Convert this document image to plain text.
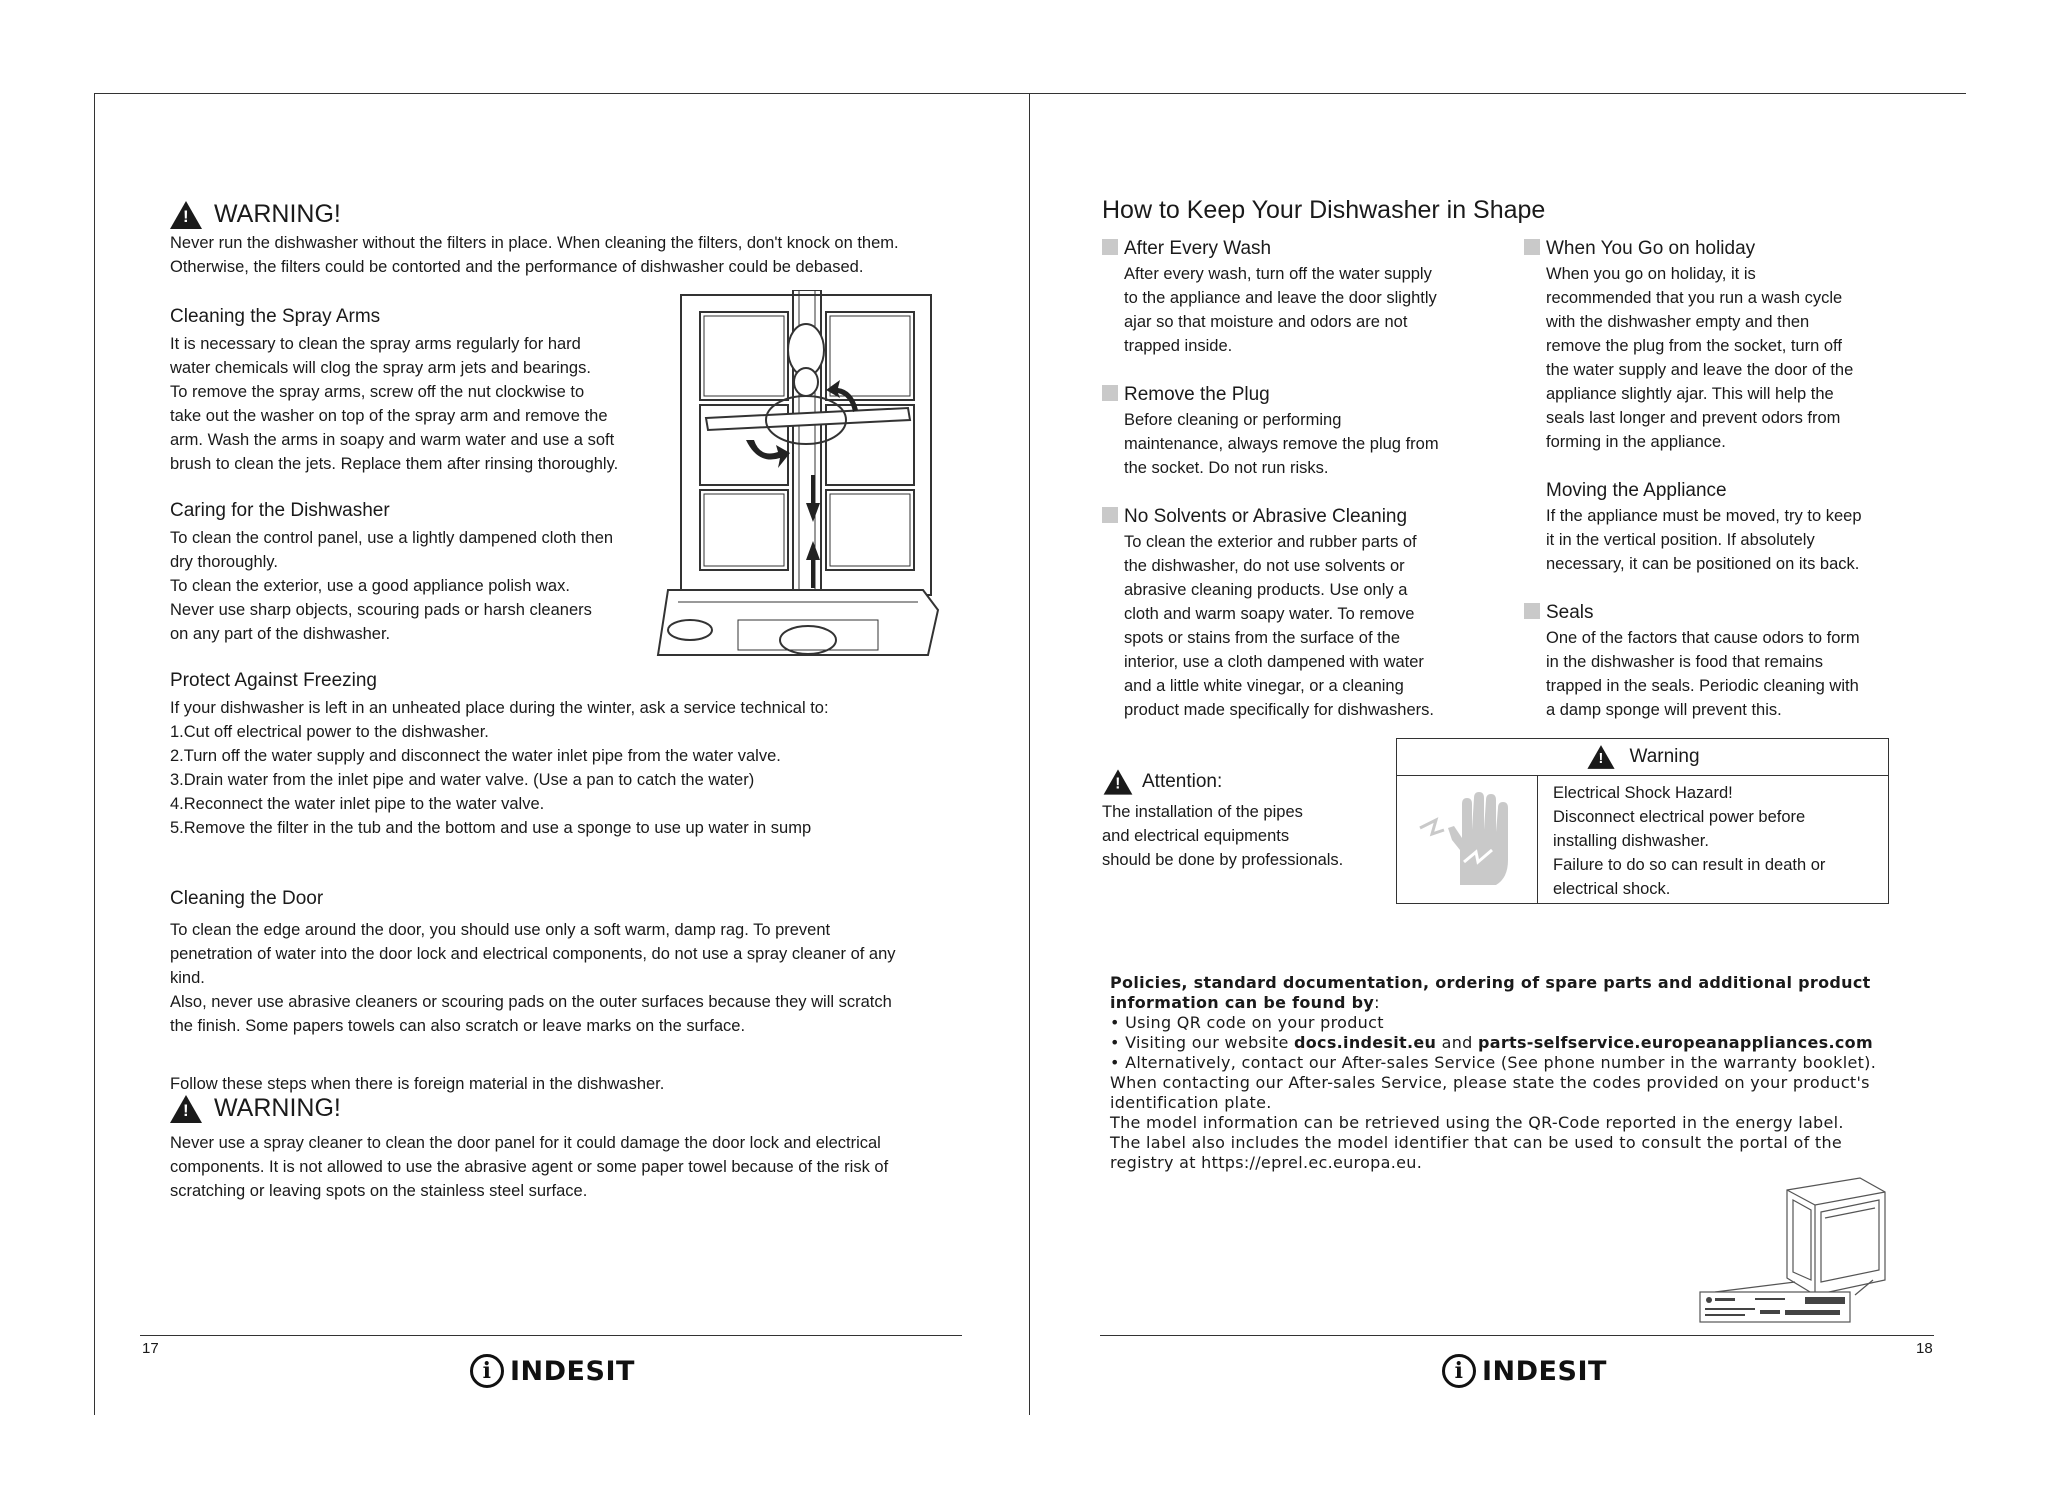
!
WARNING!

Never run the dishwasher without the filters in place. When cleaning the filters, don't knock on them.

Otherwise, the filters could be contorted and the performance of dishwasher could be debased.

Cleaning the Spray Arms

It is necessary to clean the spray arms regularly for hard

water chemicals will clog the spray arm jets and bearings.

To remove the spray arms, screw off the nut clockwise to

take out the washer on top of the spray arm and remove the

arm. Wash the arms in soapy and warm water and use a soft

brush to clean the jets. Replace them after rinsing thoroughly.

Caring for the Dishwasher

To clean the control panel, use a lightly dampened cloth then

dry thoroughly.

To clean the exterior, use a good appliance polish wax.

Never use sharp objects, scouring pads or harsh cleaners

on any part of the dishwasher.

Protect Against Freezing

If your dishwasher is left in an unheated place during the winter, ask a service technical to:

1.Cut off electrical power to the dishwasher.

2.Turn off the water supply and disconnect the water inlet pipe from the water valve.

3.Drain water from the inlet pipe and water valve. (Use a pan to catch the water)

4.Reconnect the water inlet pipe to the water valve.

5.Remove the filter in the tub and the bottom and use a sponge to use up water in sump

Cleaning the Door

To clean the edge around the door, you should use only a soft warm, damp rag. To prevent

penetration of water into the door lock and electrical components, do not use a spray cleaner of any

kind.

Also, never use abrasive cleaners or scouring pads on the outer surfaces because they will scratch

the finish. Some papers towels can also scratch or leave marks on the surface.

Follow these steps when there is foreign material in the dishwasher.
!
WARNING!

Never use a spray cleaner to clean the door panel for it could damage the door lock and electrical

components. It is not allowed to use the abrasive agent or some paper towel because of the risk of

scratching or leaving spots on the stainless steel surface.

17
i INDESIT
How to Keep Your Dishwasher in Shape

After Every Wash

After every wash, turn off the water supply

to the appliance and leave the door slightly

ajar so that moisture and odors are not

trapped inside.

Remove the Plug

Before cleaning or performing

maintenance, always remove the plug from

the socket. Do not run risks.

No Solvents or Abrasive Cleaning

To clean the exterior and rubber parts of

the dishwasher, do not use solvents or

abrasive cleaning products. Use only a

cloth and warm soapy water. To remove

spots or stains from the surface of the

interior, use a cloth dampened with water

and a little white vinegar, or a cleaning

product made specifically for dishwashers.

When You Go on holiday

When you go on holiday, it is

recommended that you run a wash cycle

with the dishwasher empty and then

remove the plug from the socket, turn off

the water supply and leave the door of the

appliance slightly ajar. This will help the

seals last longer and prevent odors from

forming in the appliance.

Moving the Appliance

If the appliance must be moved, try to keep

it in the vertical position. If absolutely

necessary, it can be positioned on its back.

Seals

One of the factors that cause odors to form

in the dishwasher is food that remains

trapped in the seals. Periodic cleaning with

a damp sponge will prevent this.

!
Attention:

The installation of the pipes

and electrical equipments

should be done by professionals.

!
Warning

Electrical Shock Hazard!

Disconnect electrical power before

installing dishwasher.

Failure to do so can result in death or

electrical shock.

Policies, standard documentation, ordering of spare parts and additional product
information can be found by:
• Using QR code on your product
• Visiting our website docs.indesit.eu and parts-selfservice.europeanappliances.com
• Alternatively, contact our After-sales Service (See phone number in the warranty booklet).
When contacting our After-sales Service, please state the codes provided on your product's
identification plate.
The model information can be retrieved using the QR-Code reported in the energy label.
The label also includes the model identifier that can be used to consult the portal of the
registry at https://eprel.ec.europa.eu.
18
i INDESIT
